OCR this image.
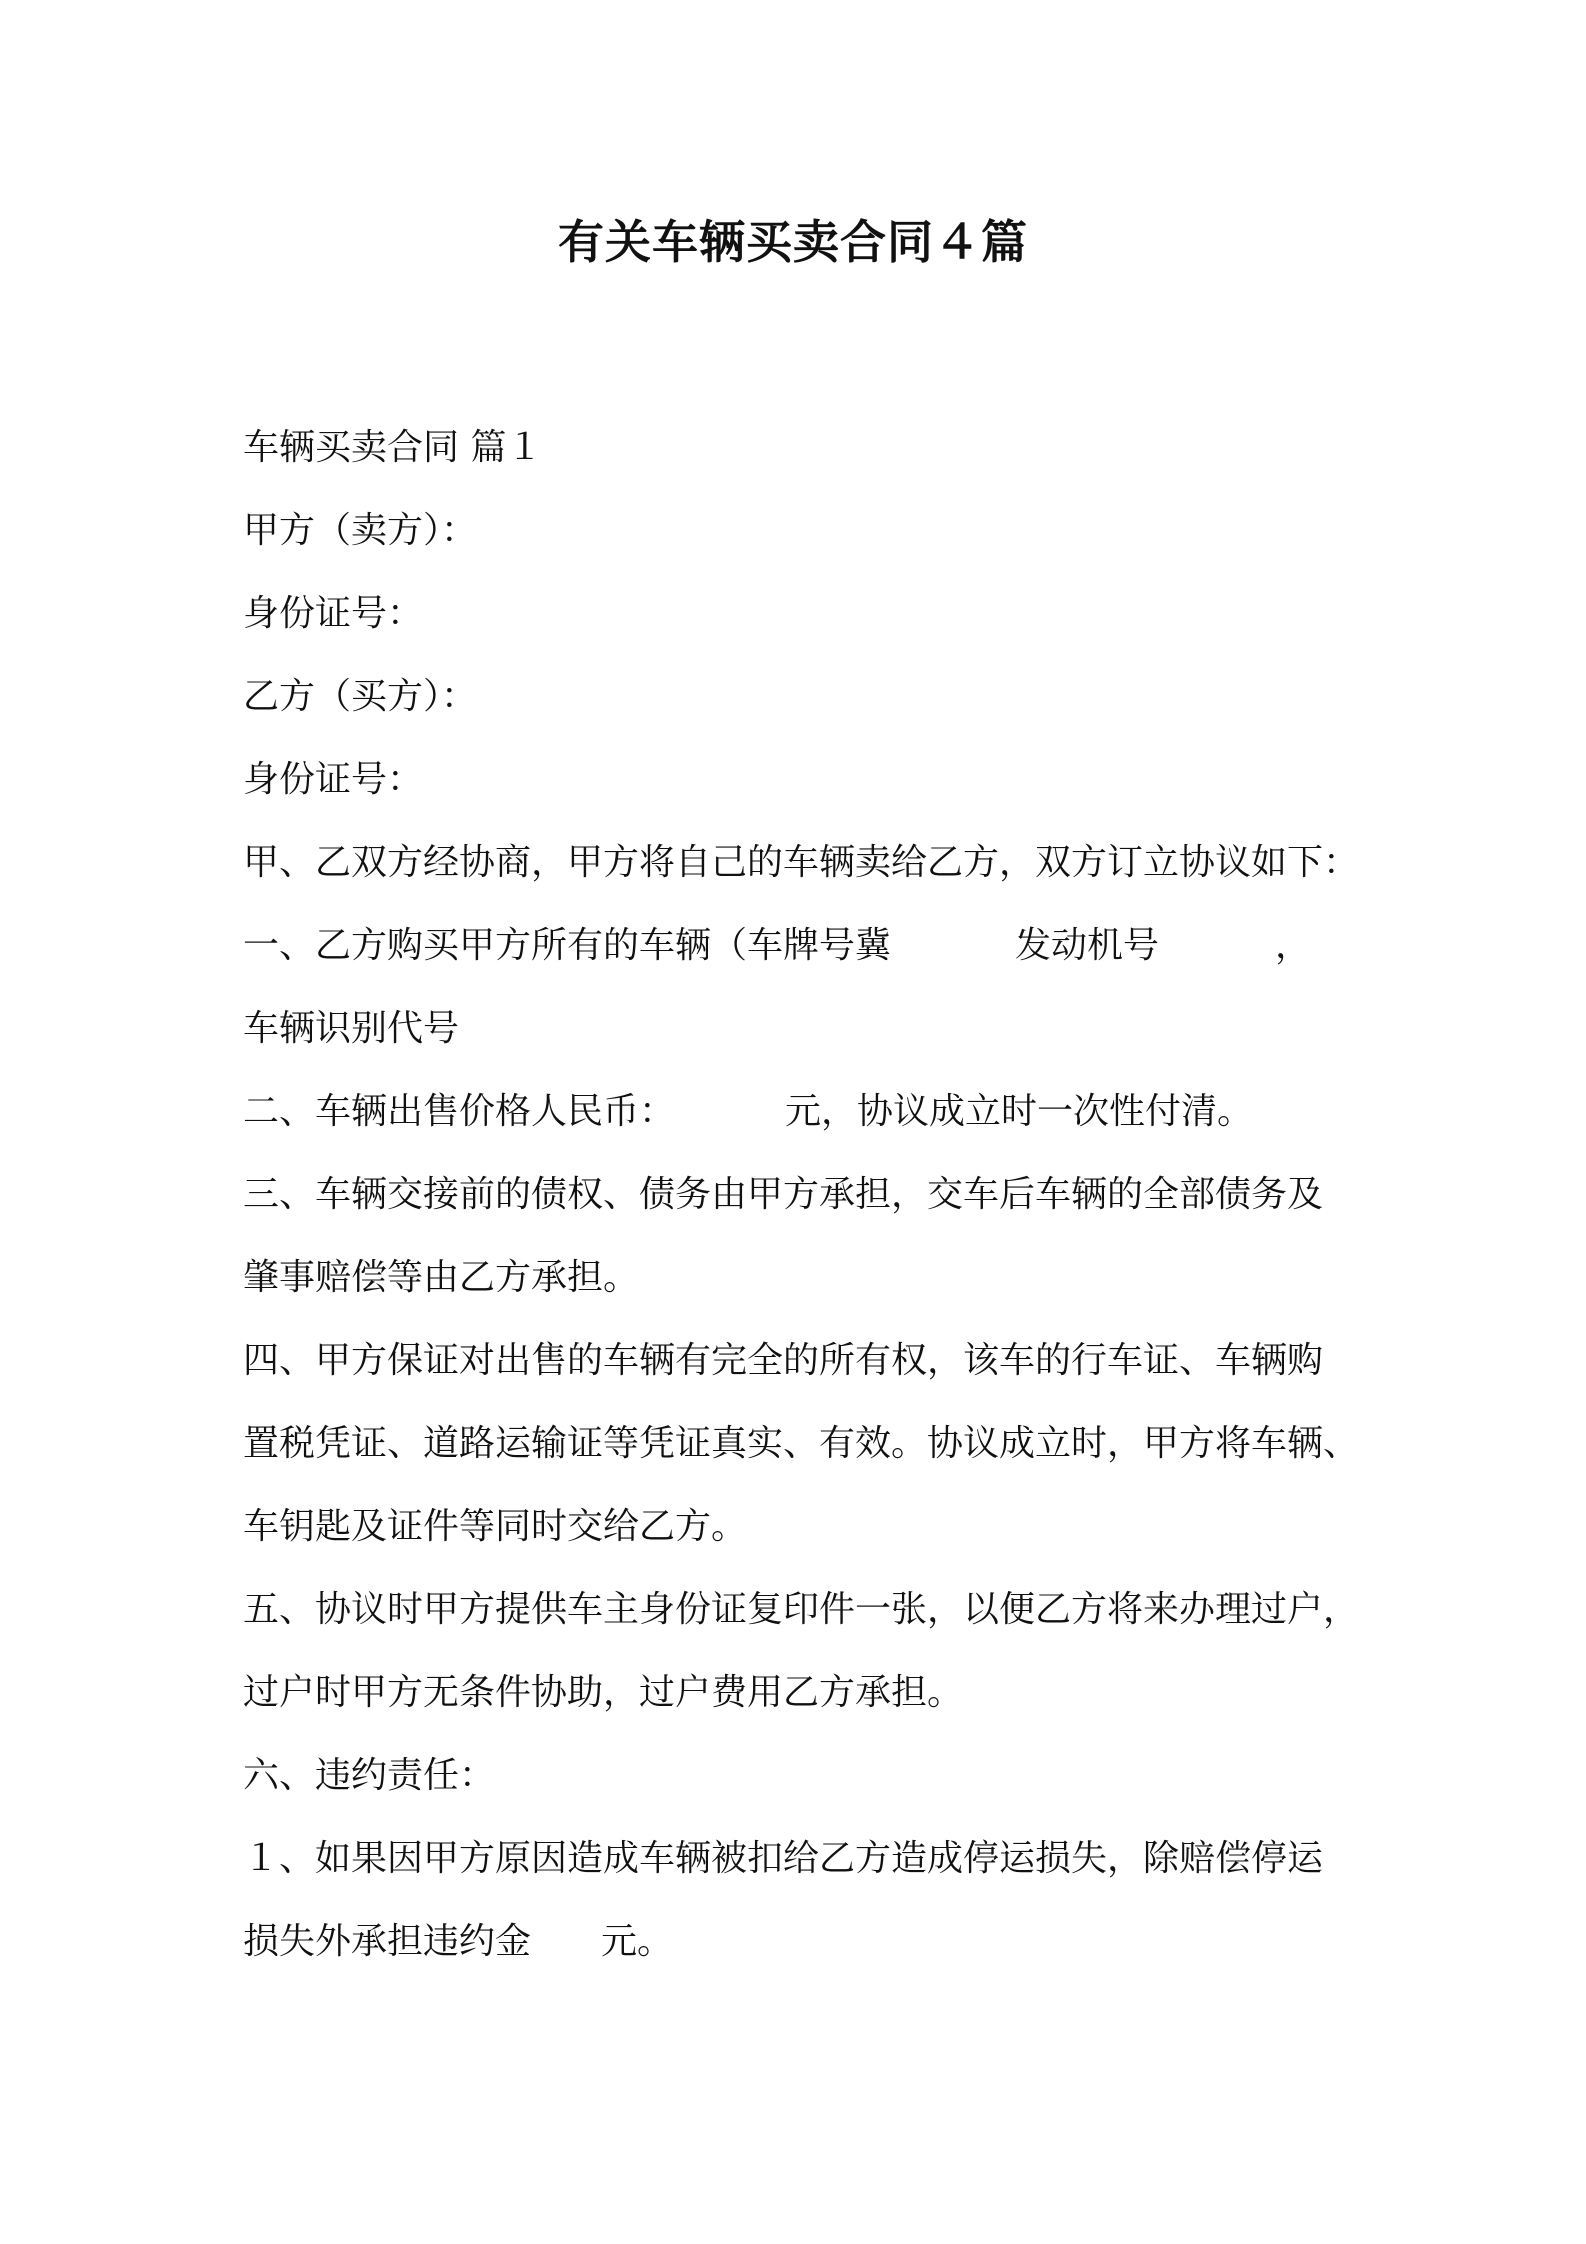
有关车辆买卖合同４篇
车辆买卖合同 篇１
甲方（卖方）：
身份证号：
乙方（买方）：
身份证号：
甲、乙双方经协商，甲方将自己的车辆卖给乙方，双方订立协议如下：
一、乙方购买甲方所有的车辆（车牌号冀	发动机号	，
车辆识别代号
二、车辆出售价格人民币：	元，协议成立时一次性付清。
三、车辆交接前的债权、债务由甲方承担，交车后车辆的全部债务及
肇事赔偿等由乙方承担。
四、甲方保证对出售的车辆有完全的所有权，该车的行车证、车辆购
置税凭证、道路运输证等凭证真实、有效。协议成立时，甲方将车辆、
车钥匙及证件等同时交给乙方。
五、协议时甲方提供车主身份证复印件一张，以便乙方将来办理过户，
过户时甲方无条件协助，过户费用乙方承担。
六、违约责任：
１、如果因甲方原因造成车辆被扣给乙方造成停运损失，除赔偿停运
损失外承担违约金 元。
